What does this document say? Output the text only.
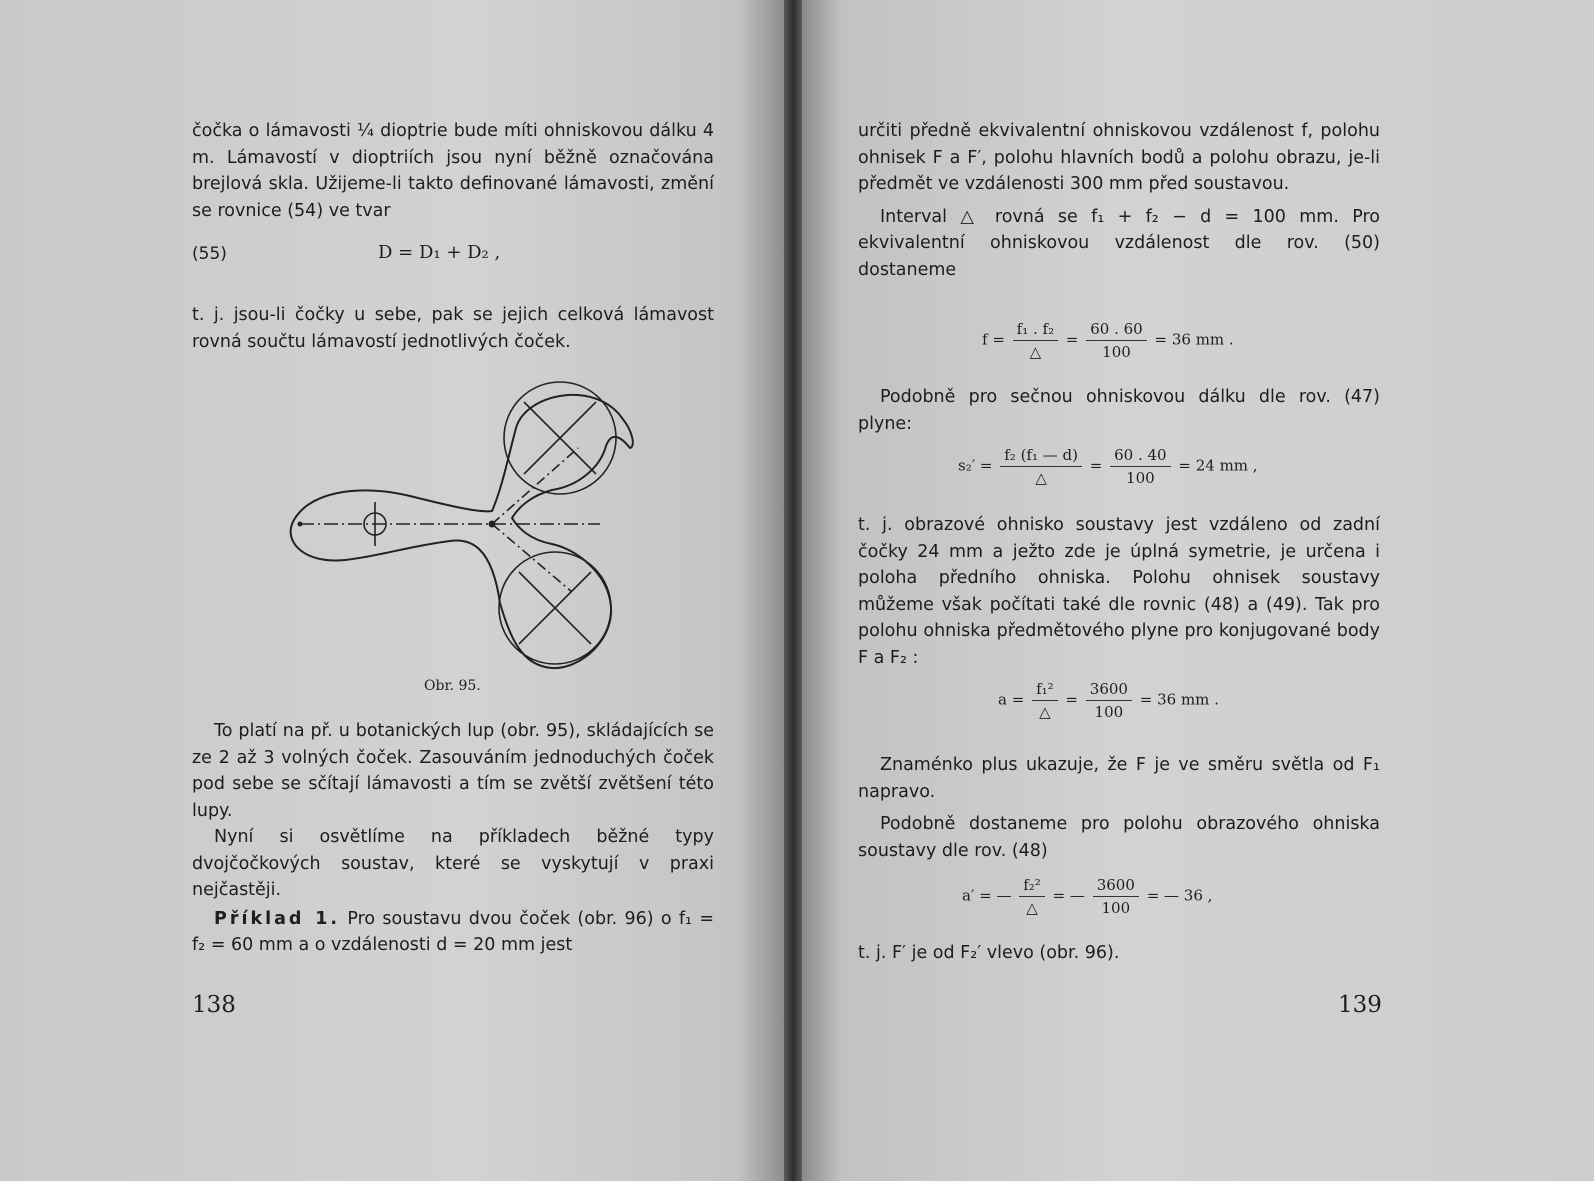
čočka o lámavosti ¼ dioptrie bude míti ohniskovou dálku 4 m. Lámavostí v dioptriích jsou nyní běžně označována brejlová skla. Užijeme-li takto definované lámavosti, změní se rovnice (54) ve tvar

(55)	D = D₁ + D₂ ,

t. j. jsou-li čočky u sebe, pak se jejich celková lámavost rovná součtu lámavostí jednotlivých čoček.

Obr. 95.

To platí na př. u botanických lup (obr. 95), skládajících se ze 2 až 3 volných čoček. Zasouváním jednoduchých čoček pod sebe se sčítají lámavosti a tím se zvětší zvětšení této lupy.

Nyní si osvětlíme na příkladech běžné typy dvojčočkových soustav, které se vyskytují v praxi nejčastěji.

Příklad 1. Pro soustavu dvou čoček (obr. 96) o f₁ = f₂ = 60 mm a o vzdálenosti d = 20 mm jest

138

určiti předně ekvivalentní ohniskovou vzdálenost f, polohu ohnisek F a F′, polohu hlavních bodů a polohu obrazu, je-li předmět ve vzdálenosti 300 mm před soustavou.

Interval △ rovná se f₁ + f₂ − d = 100 mm. Pro ekvivalentní ohniskovou vzdálenost dle rov. (50) dostaneme

$f = \frac{\text{f₁ . f₂}}{\triangle} = \frac{60 . 60}{100} = 36$ mm .

Podobně pro sečnou ohniskovou dálku dle rov. (47) plyne:

$s_2' = \frac{\text{f₂ (f₁ — d)}}{\triangle} = \frac{60 . 40}{100} = 24$ mm ,

t. j. obrazové ohnisko soustavy jest vzdáleno od zadní čočky 24 mm a ježto zde je úplná symetrie, je určena i poloha předního ohniska. Polohu ohnisek soustavy můžeme však počítati také dle rovnic (48) a (49). Tak pro polohu ohniska předmětového plyne pro konjugované body F a F₂ :

$a = \frac{\text{f₁²}}{\triangle} = \frac{3600}{100} = 36$ mm .

Znaménko plus ukazuje, že F je ve směru světla od F₁ napravo.

Podobně dostaneme pro polohu obrazového ohniska soustavy dle rov. (48)

a′ = — $\frac{\text{f₂²}}{\triangle}$ = — $\frac{3600}{100}$ = — 36 ,

t. j. F′ je od F₂′ vlevo (obr. 96).

139
